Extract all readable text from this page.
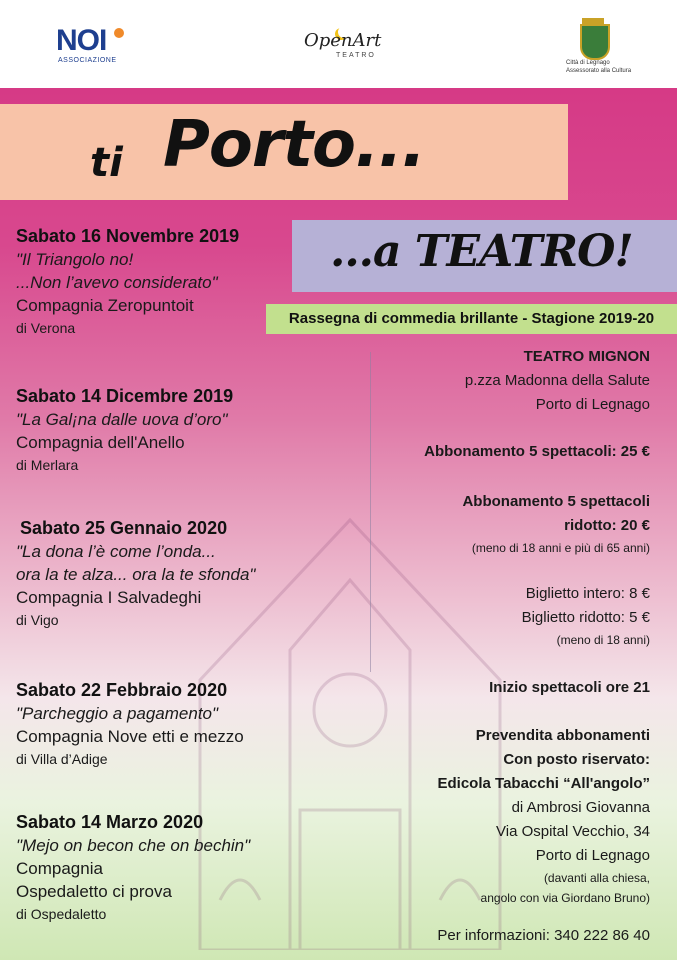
NOI
ASSOCIAZIONE
OpenArt
TEATRO
Città di Legnago
Assessorato alla Cultura
ti Porto...
...a TEATRO!
Rassegna di commedia brillante - Stagione 2019-20
Sabato 16 Novembre 2019
"Il Triangolo no!
...Non l’avevo considerato"
Compagnia Zeropuntoit
di Verona
Sabato 14 Dicembre 2019
"La Gal¡na dalle uova d’oro"
Compagnia dell'Anello
di Merlara
Sabato 25 Gennaio 2020
"La dona l’è come l’onda...
ora la te alza... ora la te sfonda"
Compagnia I Salvadeghi
di Vigo
Sabato 22 Febbraio 2020
"Parcheggio a pagamento"
Compagnia Nove etti e mezzo
di Villa d’Adige
Sabato 14 Marzo 2020
"Mejo on becon che on bechin"
Compagnia
Ospedaletto ci prova
di Ospedaletto
TEATRO MIGNON
p.zza Madonna della Salute
Porto di Legnago
Abbonamento 5 spettacoli: 25 €
Abbonamento 5 spettacoli
ridotto: 20 €
(meno di 18 anni e più di 65 anni)
Biglietto intero: 8 €
Biglietto ridotto: 5 €
(meno di 18 anni)
Inizio spettacoli ore 21
Prevendita abbonamenti
Con posto riservato:
Edicola Tabacchi “All'angolo”
di Ambrosi Giovanna
Via Ospital Vecchio, 34
Porto di Legnago
(davanti alla chiesa,
angolo con via Giordano Bruno)
Per informazioni: 340 222 86 40
